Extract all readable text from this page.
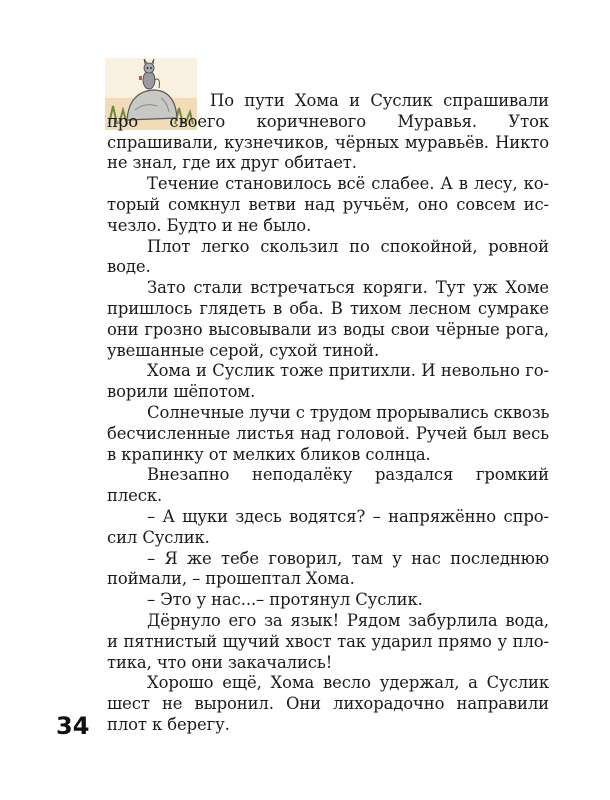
По пути Хома и Суслик спрашивали
про своего коричневого Муравья. Уток
спрашивали, кузнечиков, чёрных муравьёв. Никто
не знал, где их друг обитает.
Течение становилось всё слабее. А в лесу, ко-
торый сомкнул ветви над ручьём, оно совсем ис-
чезло. Будто и не было.
Плот легко скользил по спокойной, ровной
воде.
Зато стали встречаться коряги. Тут уж Хоме
пришлось глядеть в оба. В тихом лесном сумраке
они грозно высовывали из воды свои чёрные рога,
увешанные серой, сухой тиной.
Хома и Суслик тоже притихли. И невольно го-
ворили шёпотом.
Солнечные лучи с трудом прорывались сквозь
бесчисленные листья над головой. Ручей был весь
в крапинку от мелких бликов солнца.
Внезапно неподалёку раздался громкий
плеск.
– А щуки здесь водятся? – напряжённо спро-
сил Суслик.
– Я же тебе говорил, там у нас последнюю
поймали, – прошептал Хома.
– Это у нас...– протянул Суслик.
Дёрнуло его за язык! Рядом забурлила вода,
и пятнистый щучий хвост так ударил прямо у пло-
тика, что они закачались!
Хорошо ещё, Хома весло удержал, а Суслик
шест не выронил. Они лихорадочно направили
плот к берегу.
34
